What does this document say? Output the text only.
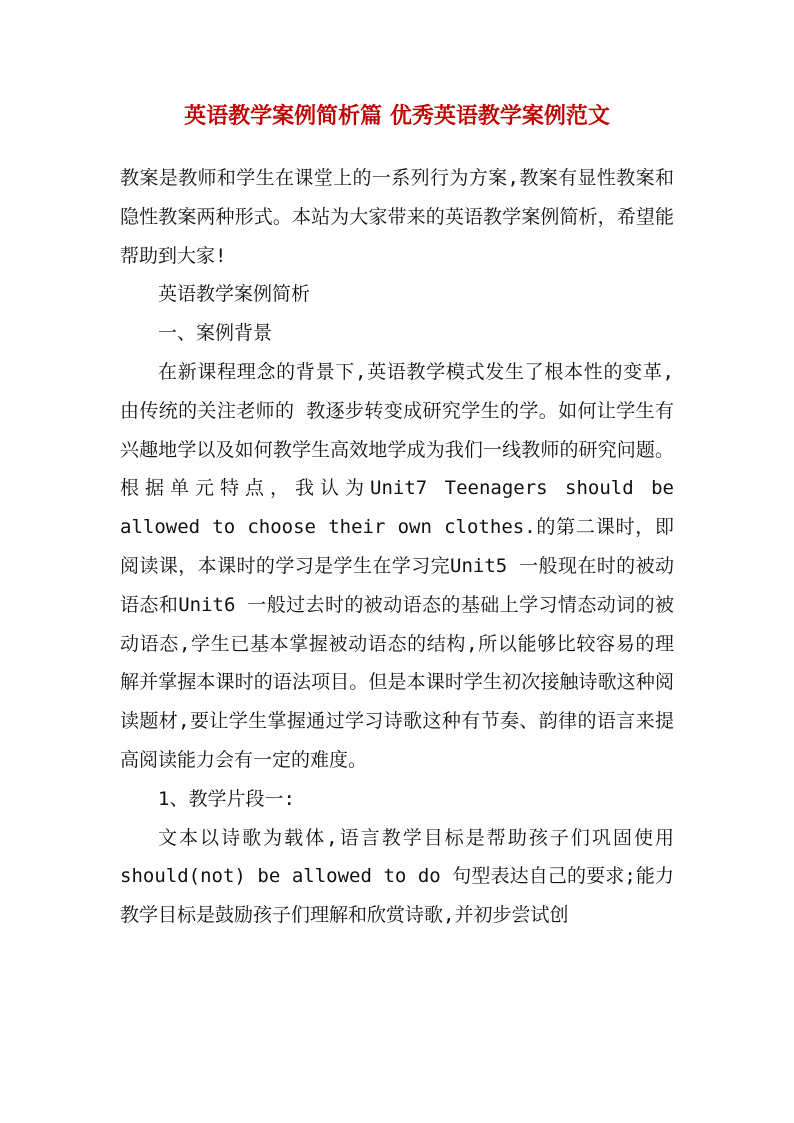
英语教学案例简析篇 优秀英语教学案例范文

教案是教师和学生在课堂上的一系列行为方案,教案有显性教案和隐性教案两种形式。本站为大家带来的英语教学案例简析，希望能帮助到大家!

英语教学案例简析

一、案例背景

在新课程理念的背景下,英语教学模式发生了根本性的变革,由传统的关注老师的 教逐步转变成研究学生的学。如何让学生有兴趣地学以及如何教学生高效地学成为我们一线教师的研究问题。根据单元特点，我认为Unit7 Teenagers should be allowed to choose their own clothes.的第二课时，即阅读课，本课时的学习是学生在学习完Unit5 一般现在时的被动语态和Unit6 一般过去时的被动语态的基础上学习情态动词的被动语态,学生已基本掌握被动语态的结构,所以能够比较容易的理解并掌握本课时的语法项目。但是本课时学生初次接触诗歌这种阅读题材,要让学生掌握通过学习诗歌这种有节奏、韵律的语言来提高阅读能力会有一定的难度。

1、教学片段一:

文本以诗歌为载体,语言教学目标是帮助孩子们巩固使用 should(not) be allowed to do 句型表达自己的要求;能力教学目标是鼓励孩子们理解和欣赏诗歌,并初步尝试创
